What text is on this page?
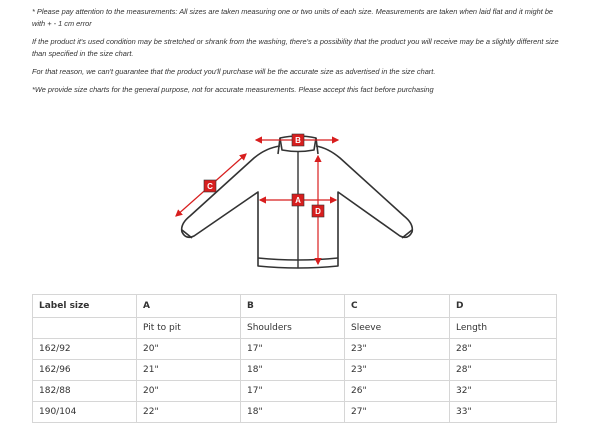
* Please pay attention to the measurements: All sizes are taken measuring one or two units of each size. Measurements are taken when laid flat and it might be with + - 1 cm error

If the product it's used condition may be stretched or shrank from the washing, there's a possibility that the product you will receive may be a slightly different size than specified in the size chart.

For that reason, we can't guarantee that the product you'll purchase will be the accurate size as advertised in the size chart.

*We provide size charts for the general purpose, not for accurate measurements. Please accept this fact before purchasing

B
C
A
D
Label size	A	B	C	D
	Pit to pit	Shoulders	Sleeve	Length
162/92	20"	17"	23"	28"
162/96	21"	18"	23"	28"
182/88	20"	17"	26"	32"
190/104	22"	18"	27"	33"
